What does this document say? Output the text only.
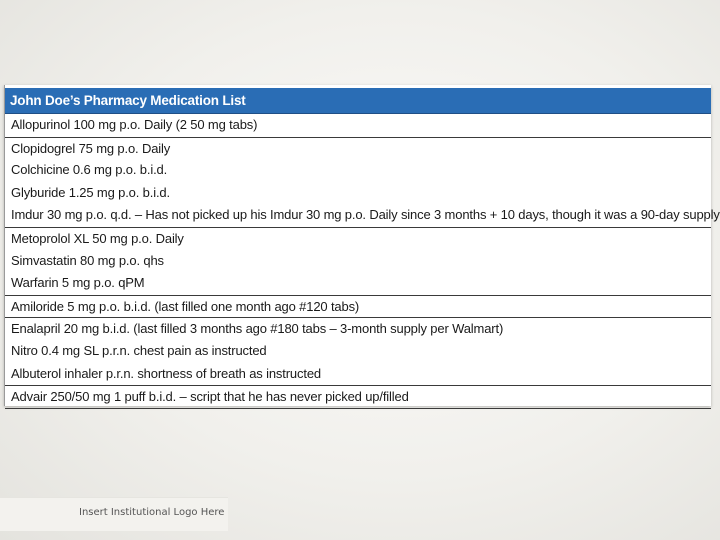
John Doe’s Pharmacy Medication List
Allopurinol 100 mg p.o. Daily (2 50 mg tabs)
Clopidogrel 75 mg p.o. Daily
Colchicine 0.6 mg p.o. b.i.d.
Glyburide 1.25 mg p.o. b.i.d.
Imdur 30 mg p.o. q.d. – Has not picked up his Imdur 30 mg p.o. Daily since 3 months + 10 days, though it was a 90-day supply
Metoprolol XL 50 mg p.o. Daily
Simvastatin 80 mg p.o. qhs
Warfarin 5 mg p.o. qPM
Amiloride 5 mg p.o. b.i.d. (last filled one month ago #120 tabs)
Enalapril 20 mg b.i.d. (last filled 3 months ago #180 tabs – 3-month supply per Walmart)
Nitro 0.4 mg SL p.r.n. chest pain as instructed
Albuterol inhaler p.r.n. shortness of breath as instructed
Advair 250/50 mg 1 puff b.i.d. – script that he has never picked up/filled
Insert Institutional Logo Here
